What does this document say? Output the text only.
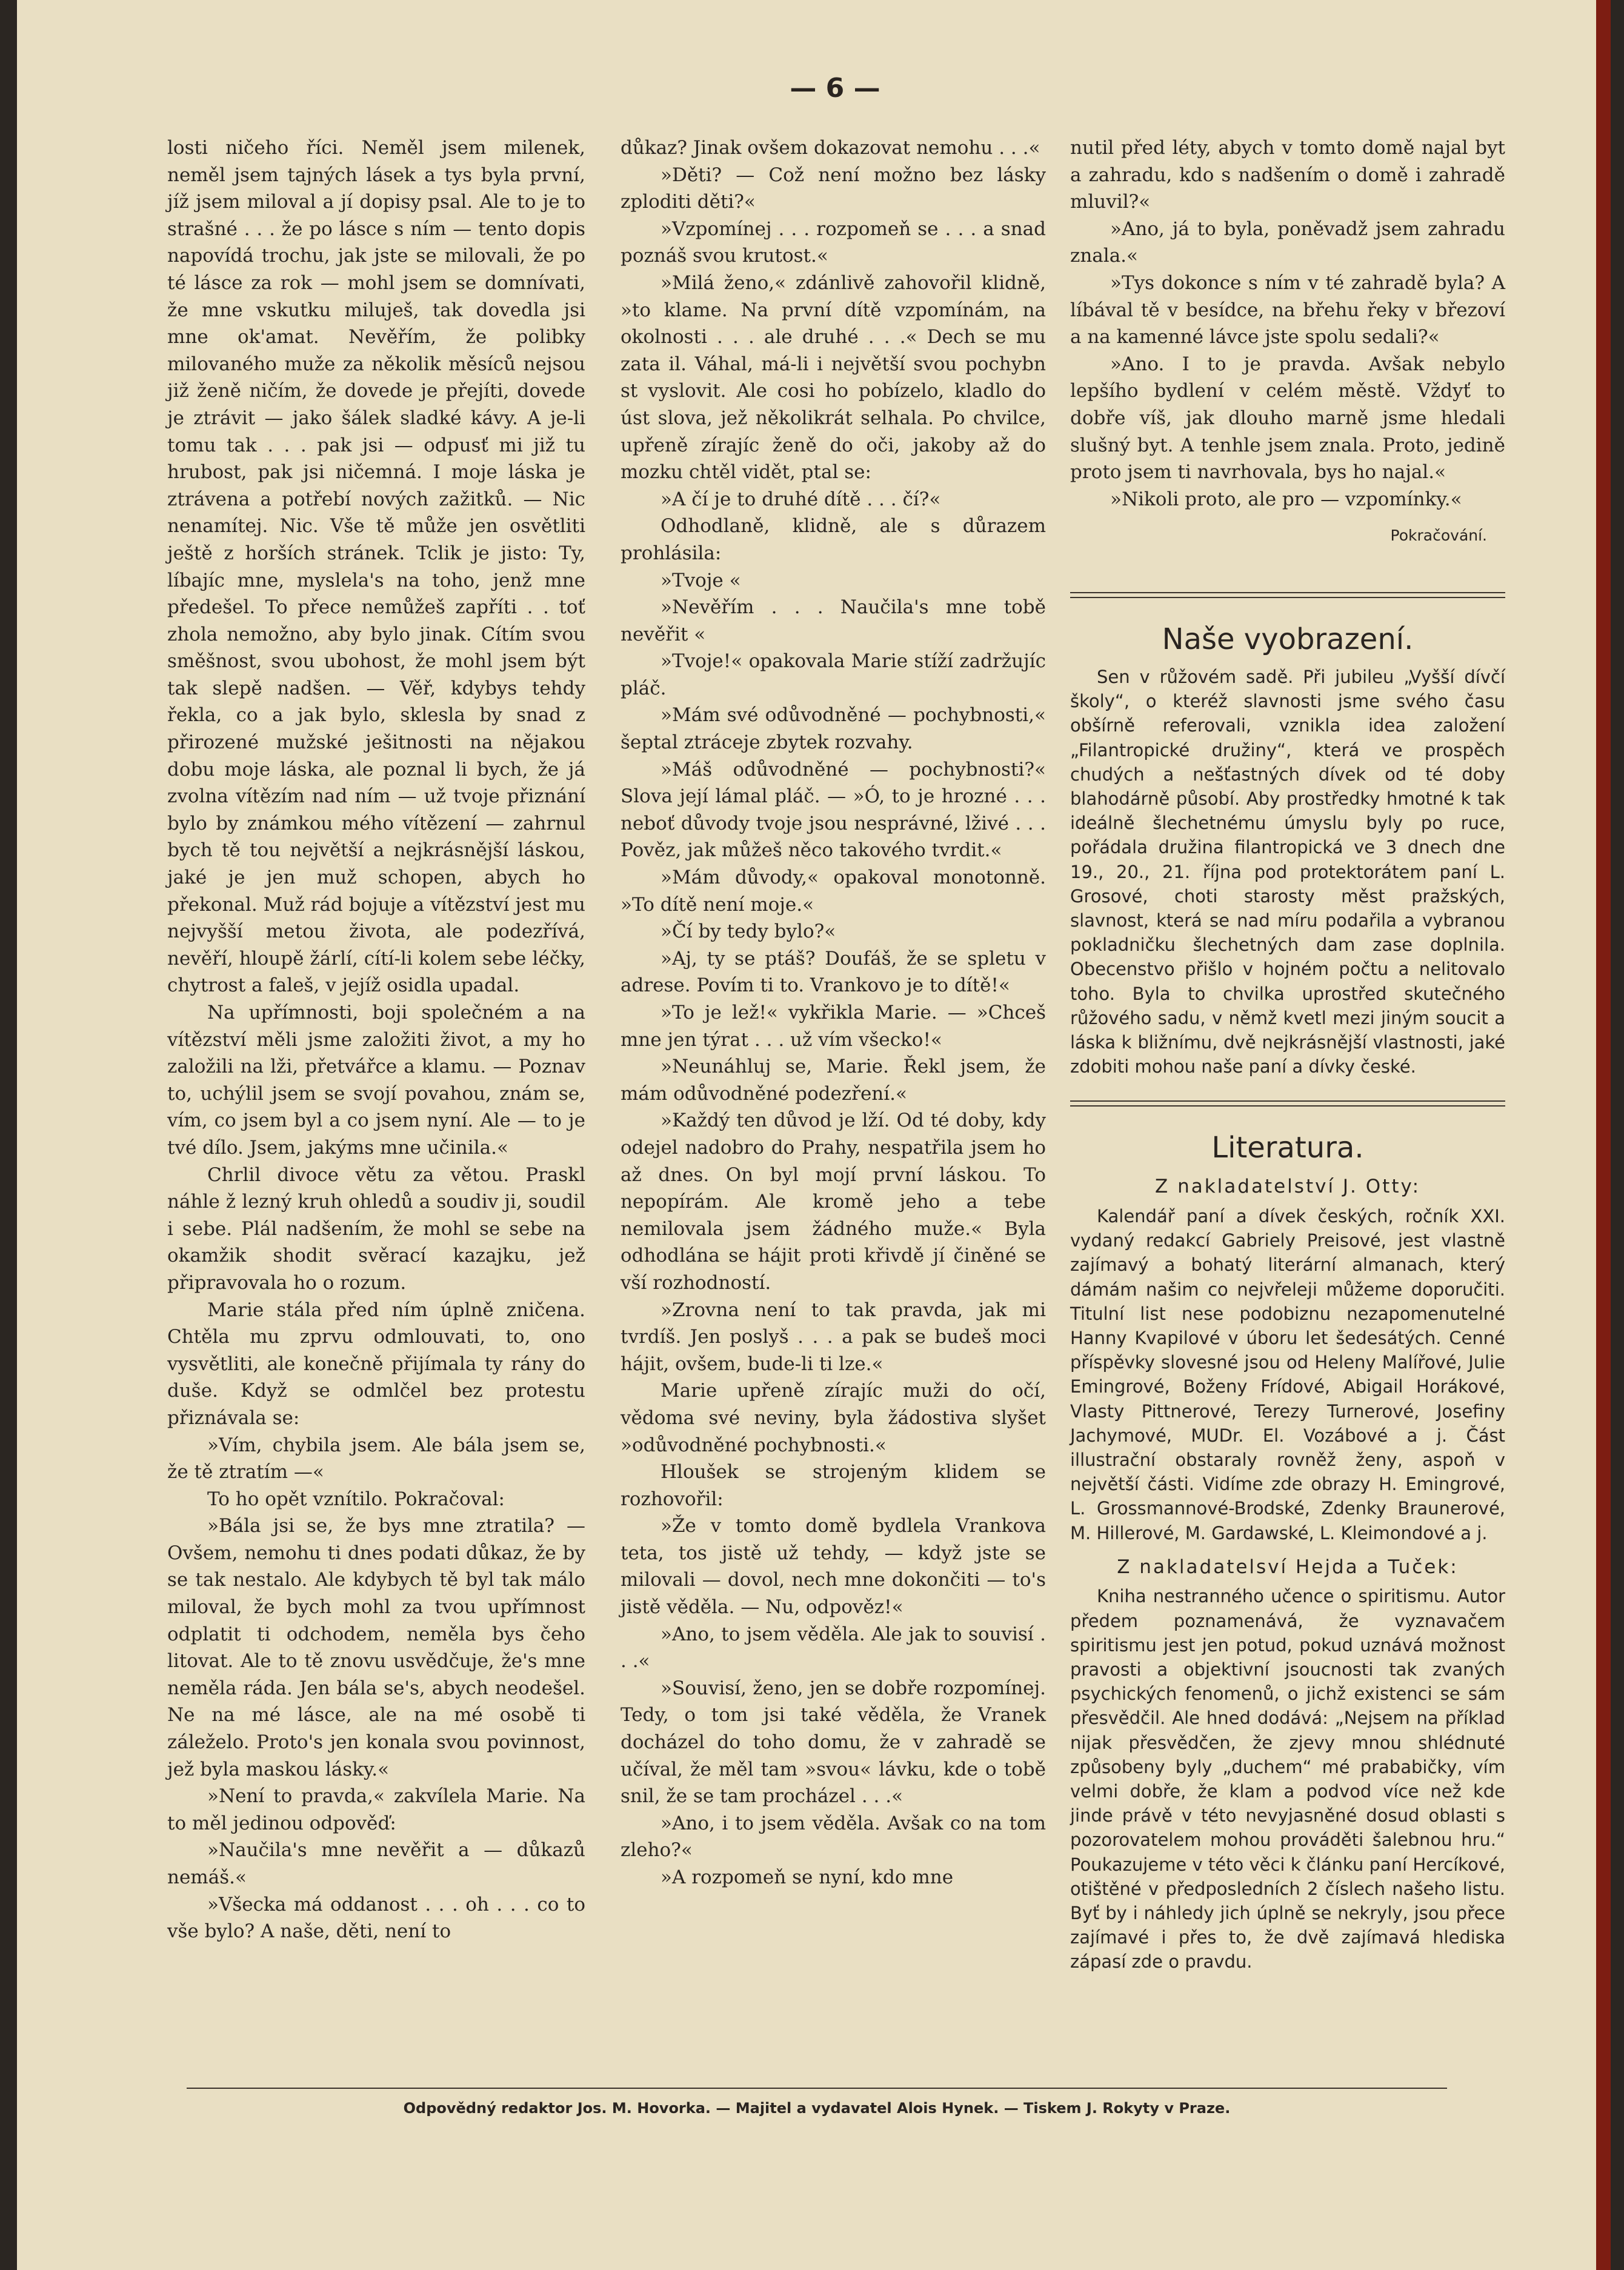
— 6 —

losti ničeho říci. Neměl jsem milenek, neměl jsem tajných lásek a tys byla první, jíž jsem miloval a jí dopisy psal. Ale to je to strašné . . . že po lásce s ním — tento dopis napovídá trochu, jak jste se milovali, že po té lásce za rok — mohl jsem se domnívati, že mne vskutku miluješ, tak dovedla jsi mne ok'amat. Nevěřím, že polibky milovaného muže za několik měsíců nejsou již ženě ničím, že dovede je přejíti, dovede je ztrávit — jako šálek sladké kávy. A je-li tomu tak . . . pak jsi — odpusť mi již tu hrubost, pak jsi ničemná. I moje láska je ztrávena a potřebí nových zažitků. — Nic nenamítej. Nic. Vše tě může jen osvětliti ještě z horších stránek. Tclik je jisto: Ty, líbajíc mne, myslela's na toho, jenž mne předešel. To přece nemůžeš zapříti . . toť zhola nemožno, aby bylo jinak. Cítím svou směšnost, svou ubohost, že mohl jsem být tak slepě nadšen. — Věř, kdybys tehdy řekla, co a jak bylo, sklesla by snad z přirozené mužské ješitnosti na nějakou dobu moje láska, ale poznal li bych, že já zvolna vítězím nad ním — už tvoje přiznání bylo by známkou mého vítězení — zahrnul bych tě tou největší a nejkrásnější láskou, jaké je jen muž schopen, abych ho překonal. Muž rád bojuje a vítězství jest mu nejvyšší metou života, ale podezřívá, nevěří, hloupě žárlí, cítí-li kolem sebe léčky, chytrost a faleš, v jejíž osidla upadal.

Na upřímnosti, boji společném a na vítězství měli jsme založiti život, a my ho založili na lži, přetvářce a klamu. — Poznav to, uchýlil jsem se svojí povahou, znám se, vím, co jsem byl a co jsem nyní. Ale — to je tvé dílo. Jsem, jakýms mne učinila.«

Chrlil divoce větu za větou. Praskl náhle ž lezný kruh ohledů a soudiv ji, soudil i sebe. Plál nadšením, že mohl se sebe na okamžik shodit svěrací kazajku, jež připravovala ho o rozum.

Marie stála před ním úplně zničena. Chtěla mu zprvu odmlouvati, to, ono vysvětliti, ale konečně přijímala ty rány do duše. Když se odmlčel bez protestu přiznávala se:

»Vím, chybila jsem. Ale bála jsem se, že tě ztratím —«

To ho opět vznítilo. Pokračoval:

»Bála jsi se, že bys mne ztratila? — Ovšem, nemohu ti dnes podati důkaz, že by se tak nestalo. Ale kdybych tě byl tak málo miloval, že bych mohl za tvou upřímnost odplatit ti odchodem, neměla bys čeho litovat. Ale to tě znovu usvědčuje, že's mne neměla ráda. Jen bála se's, abych neodešel. Ne na mé lásce, ale na mé osobě ti záleželo. Proto's jen konala svou povinnost, jež byla maskou lásky.«

»Není to pravda,« zakvílela Marie. Na to měl jedinou odpověď:

»Naučila's mne nevěřit a — důkazů nemáš.«

»Všecka má oddanost . . . oh . . . co to vše bylo? A naše, děti, není to

důkaz? Jinak ovšem dokazovat nemohu . . .«

»Děti? — Což není možno bez lásky zploditi děti?«

»Vzpomínej . . . rozpomeň se . . . a snad poznáš svou krutost.«

»Milá ženo,« zdánlivě zahovořil klidně, »to klame. Na první dítě vzpomínám, na okolnosti . . . ale druhé . . .« Dech se mu zata il. Váhal, má-li i největší svou pochybn st vyslovit. Ale cosi ho pobízelo, kladlo do úst slova, jež několikrát selhala. Po chvilce, upřeně zírajíc ženě do oči, jakoby až do mozku chtěl vidět, ptal se:

»A čí je to druhé dítě . . . čí?«

Odhodlaně, klidně, ale s důrazem prohlásila:

»Tvoje «

»Nevěřím . . . Naučila's mne tobě nevěřit «

»Tvoje!« opakovala Marie stíží zadržujíc pláč.

»Mám své odůvodněné — pochybnosti,« šeptal ztráceje zbytek rozvahy.

»Máš odůvodněné — pochybnosti?« Slova její lámal pláč. — »Ó, to je hrozné . . . neboť důvody tvoje jsou nesprávné, lživé . . . Pověz, jak můžeš něco takového tvrdit.«

»Mám důvody,« opakoval monotonně. »To dítě není moje.«

»Čí by tedy bylo?«

»Aj, ty se ptáš? Doufáš, že se spletu v adrese. Povím ti to. Vrankovo je to dítě!«

»To je lež!« vykřikla Marie. — »Chceš mne jen týrat . . . už vím všecko!«

»Neunáhluj se, Marie. Řekl jsem, že mám odůvodněné podezření.«

»Každý ten důvod je lží. Od té doby, kdy odejel nadobro do Prahy, nespatřila jsem ho až dnes. On byl mojí první láskou. To nepopírám. Ale kromě jeho a tebe nemilovala jsem žádného muže.« Byla odhodlána se hájit proti křivdě jí činěné se vší rozhodností.

»Zrovna není to tak pravda, jak mi tvrdíš. Jen poslyš . . . a pak se budeš moci hájit, ovšem, bude-li ti lze.«

Marie upřeně zírajíc muži do očí, vědoma své neviny, byla žádostiva slyšet »odůvodněné pochybnosti.«

Hloušek se strojeným klidem se rozhovořil:

»Že v tomto domě bydlela Vrankova teta, tos jistě už tehdy, — když jste se milovali — dovol, nech mne dokončiti — to's jistě věděla. — Nu, odpověz!«

»Ano, to jsem věděla. Ale jak to souvisí . . .«

»Souvisí, ženo, jen se dobře rozpomínej. Tedy, o tom jsi také věděla, že Vranek docházel do toho domu, že v zahradě se učíval, že měl tam »svou« lávku, kde o tobě snil, že se tam procházel . . .«

»Ano, i to jsem věděla. Avšak co na tom zleho?«

»A rozpomeň se nyní, kdo mne

nutil před léty, abych v tomto domě najal byt a zahradu, kdo s nadšením o domě i zahradě mluvil?«

»Ano, já to byla, poněvadž jsem zahradu znala.«

»Tys dokonce s ním v té zahradě byla? A líbával tě v besídce, na břehu řeky v březoví a na kamenné lávce jste spolu sedali?«

»Ano. I to je pravda. Avšak nebylo lepšího bydlení v celém městě. Vždyť to dobře víš, jak dlouho marně jsme hledali slušný byt. A tenhle jsem znala. Proto, jedině proto jsem ti navrhovala, bys ho najal.«

»Nikoli proto, ale pro — vzpomínky.«

Pokračování.
Naše vyobrazení.

Sen v růžovém sadě. Při jubileu „Vyšší dívčí školy“, o kteréž slavnosti jsme svého času obšírně referovali, vznikla idea založení „Filantropické družiny“, která ve prospěch chudých a nešťastných dívek od té doby blahodárně působí. Aby prostředky hmotné k tak ideálně šlechetnému úmyslu byly po ruce, pořádala družina filantropická ve 3 dnech dne 19., 20., 21. října pod protektorátem paní L. Grosové, choti starosty měst pražských, slavnost, která se nad míru podařila a vybranou pokladničku šlechetných dam zase doplnila. Obecenstvo přišlo v hojném počtu a nelitovalo toho. Byla to chvilka uprostřed skutečného růžového sadu, v němž kvetl mezi jiným soucit a láska k bližnímu, dvě nejkrásnější vlastnosti, jaké zdobiti mohou naše paní a dívky české.

Literatura.
Z nakladatelství J. Otty:

Kalendář paní a dívek českých, ročník XXI. vydaný redakcí Gabriely Preisové, jest vlastně zajímavý a bohatý literární almanach, který dámám našim co nejvřeleji můžeme doporučiti. Titulní list nese podobiznu nezapomenutelné Hanny Kvapilové v úboru let šedesátých. Cenné příspěvky slovesné jsou od Heleny Malířové, Julie Emingrové, Boženy Frídové, Abigail Horákové, Vlasty Pittnerové, Terezy Turnerové, Josefiny Jachymové, MUDr. El. Vozábové a j. Část illustrační obstaraly rovněž ženy, aspoň v největší části. Vidíme zde obrazy H. Emingrové, L. Grossmannové-Brodské, Zdenky Braunerové, M. Hillerové, M. Gardawské, L. Kleimondové a j.

Z nakladatelsví Hejda a Tuček:

Kniha nestranného učence o spiritismu. Autor předem poznamenává, že vyznavačem spiritismu jest jen potud, pokud uznává možnost pravosti a objektivní jsoucnosti tak zvaných psychických fenomenů, o jichž existenci se sám přesvědčil. Ale hned dodává: „Nejsem na příklad nijak přesvědčen, že zjevy mnou shlédnuté způsobeny byly „duchem“ mé prababičky, vím velmi dobře, že klam a podvod více než kde jinde právě v této nevyjasněné dosud oblasti s pozorovatelem mohou prováděti šalebnou hru.“ Poukazujeme v této věci k článku paní Hercíkové, otištěné v předposledních 2 číslech našeho listu. Byť by i náhledy jich úplně se nekryly, jsou přece zajímavé i přes to, že dvě zajímavá hlediska zápasí zde o pravdu.

Odpovědný redaktor Jos. M. Hovorka. — Majitel a vydavatel Alois Hynek. — Tiskem J. Rokyty v Praze.
